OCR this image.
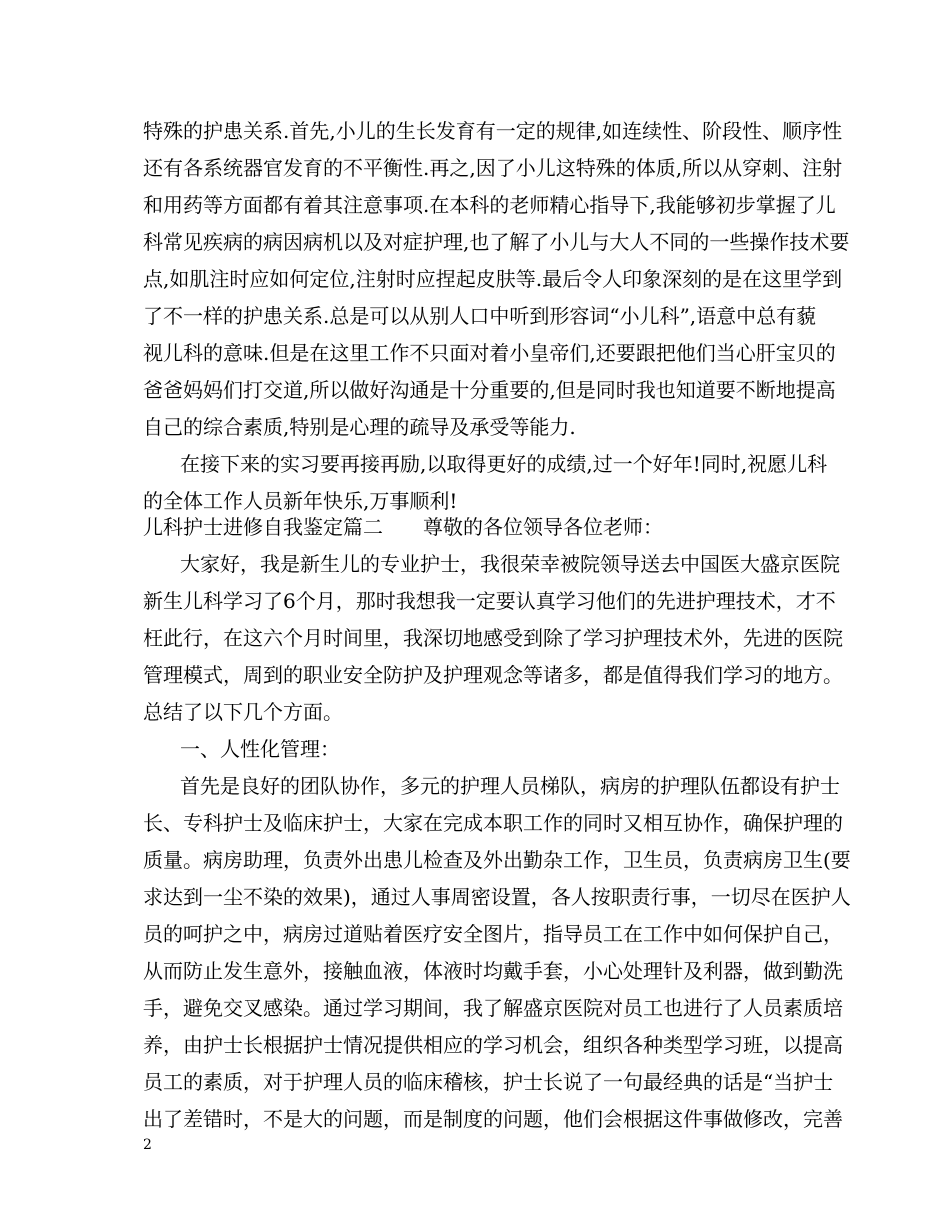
特殊的护患关系.首先,小儿的生长发育有一定的规律,如连续性、阶段性、顺序性
还有各系统器官发育的不平衡性.再之,因了小儿这特殊的体质,所以从穿刺、注射
和用药等方面都有着其注意事项.在本科的老师精心指导下,我能够初步掌握了儿
科常见疾病的病因病机以及对症护理,也了解了小儿与大人不同的一些操作技术要
点,如肌注时应如何定位,注射时应捏起皮肤等.最后令人印象深刻的是在这里学到
了不一样的护患关系.总是可以从别人口中听到形容词“小儿科”,语意中总有藐
视儿科的意味.但是在这里工作不只面对着小皇帝们,还要跟把他们当心肝宝贝的
爸爸妈妈们打交道,所以做好沟通是十分重要的,但是同时我也知道要不断地提高
自己的综合素质,特别是心理的疏导及承受等能力.
在接下来的实习要再接再励,以取得更好的成绩,过一个好年!同时,祝愿儿科
的全体工作人员新年快乐,万事顺利!
儿科护士进修自我鉴定篇二　　尊敬的各位领导各位老师：
大家好，我是新生儿的专业护士，我很荣幸被院领导送去中国医大盛京医院
新生儿科学习了6个月，那时我想我一定要认真学习他们的先进护理技术，才不
枉此行，在这六个月时间里，我深切地感受到除了学习护理技术外，先进的医院
管理模式，周到的职业安全防护及护理观念等诸多，都是值得我们学习的地方。
总结了以下几个方面。
一、人性化管理：
首先是良好的团队协作，多元的护理人员梯队，病房的护理队伍都设有护士
长、专科护士及临床护士，大家在完成本职工作的同时又相互协作，确保护理的
质量。病房助理，负责外出患儿检查及外出勤杂工作，卫生员，负责病房卫生(要
求达到一尘不染的效果)，通过人事周密设置，各人按职责行事，一切尽在医护人
员的呵护之中，病房过道贴着医疗安全图片，指导员工在工作中如何保护自己，
从而防止发生意外，接触血液，体液时均戴手套，小心处理针及利器，做到勤洗
手，避免交叉感染。通过学习期间，我了解盛京医院对员工也进行了人员素质培
养，由护士长根据护士情况提供相应的学习机会，组织各种类型学习班，以提高
员工的素质，对于护理人员的临床稽核，护士长说了一句最经典的话是“当护士
出了差错时，不是大的问题，而是制度的问题，他们会根据这件事做修改，完善
2
